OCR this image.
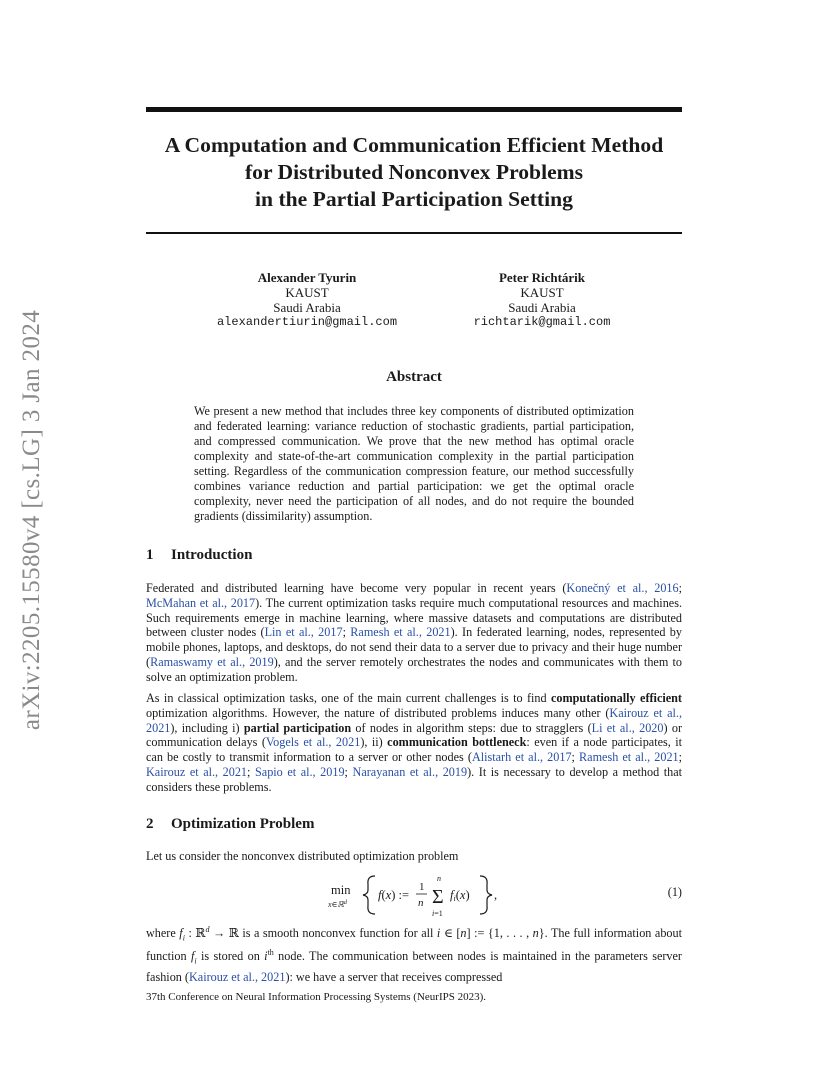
arXiv:2205.15580v4 [cs.LG] 3 Jan 2024
A Computation and Communication Efficient Method
for Distributed Nonconvex Problems
in the Partial Participation Setting
Alexander Tyurin
KAUST
Saudi Arabia
alexandertiurin@gmail.com
Peter Richtárik
KAUST
Saudi Arabia
richtarik@gmail.com
Abstract
We present a new method that includes three key components of distributed optimization and federated learning: variance reduction of stochastic gradients, partial participation, and compressed communication. We prove that the new method has optimal oracle complexity and state-of-the-art communication complexity in the partial participation setting. Regardless of the communication compression feature, our method successfully combines variance reduction and partial participation: we get the optimal oracle complexity, never need the participation of all nodes, and do not require the bounded gradients (dissimilarity) assumption.
1 Introduction
Federated and distributed learning have become very popular in recent years (Konečný et al., 2016; McMahan et al., 2017). The current optimization tasks require much computational resources and machines. Such requirements emerge in machine learning, where massive datasets and computations are distributed between cluster nodes (Lin et al., 2017; Ramesh et al., 2021). In federated learning, nodes, represented by mobile phones, laptops, and desktops, do not send their data to a server due to privacy and their huge number (Ramaswamy et al., 2019), and the server remotely orchestrates the nodes and communicates with them to solve an optimization problem.
As in classical optimization tasks, one of the main current challenges is to find computationally efficient optimization algorithms. However, the nature of distributed problems induces many other (Kairouz et al., 2021), including i) partial participation of nodes in algorithm steps: due to stragglers (Li et al., 2020) or communication delays (Vogels et al., 2021), ii) communication bottleneck: even if a node participates, it can be costly to transmit information to a server or other nodes (Alistarh et al., 2017; Ramesh et al., 2021; Kairouz et al., 2021; Sapio et al., 2019; Narayanan et al., 2019). It is necessary to develop a method that considers these problems.
2 Optimization Problem
Let us consider the nonconvex distributed optimization problem
min
x∈ℝ$^d$
f(x) :=
1
n Σ
n
i=1
fi(x) ,	(1)
where $f_i$ : ℝ$^d$ → ℝ is a smooth nonconvex function for all i ∈ [n] := {1, . . . , n}. The full information about function $f_i$ is stored on $i^{th}$ node. The communication between nodes is maintained in the parameters server fashion (Kairouz et al., 2021): we have a server that receives compressed
37th Conference on Neural Information Processing Systems (NeurIPS 2023).
